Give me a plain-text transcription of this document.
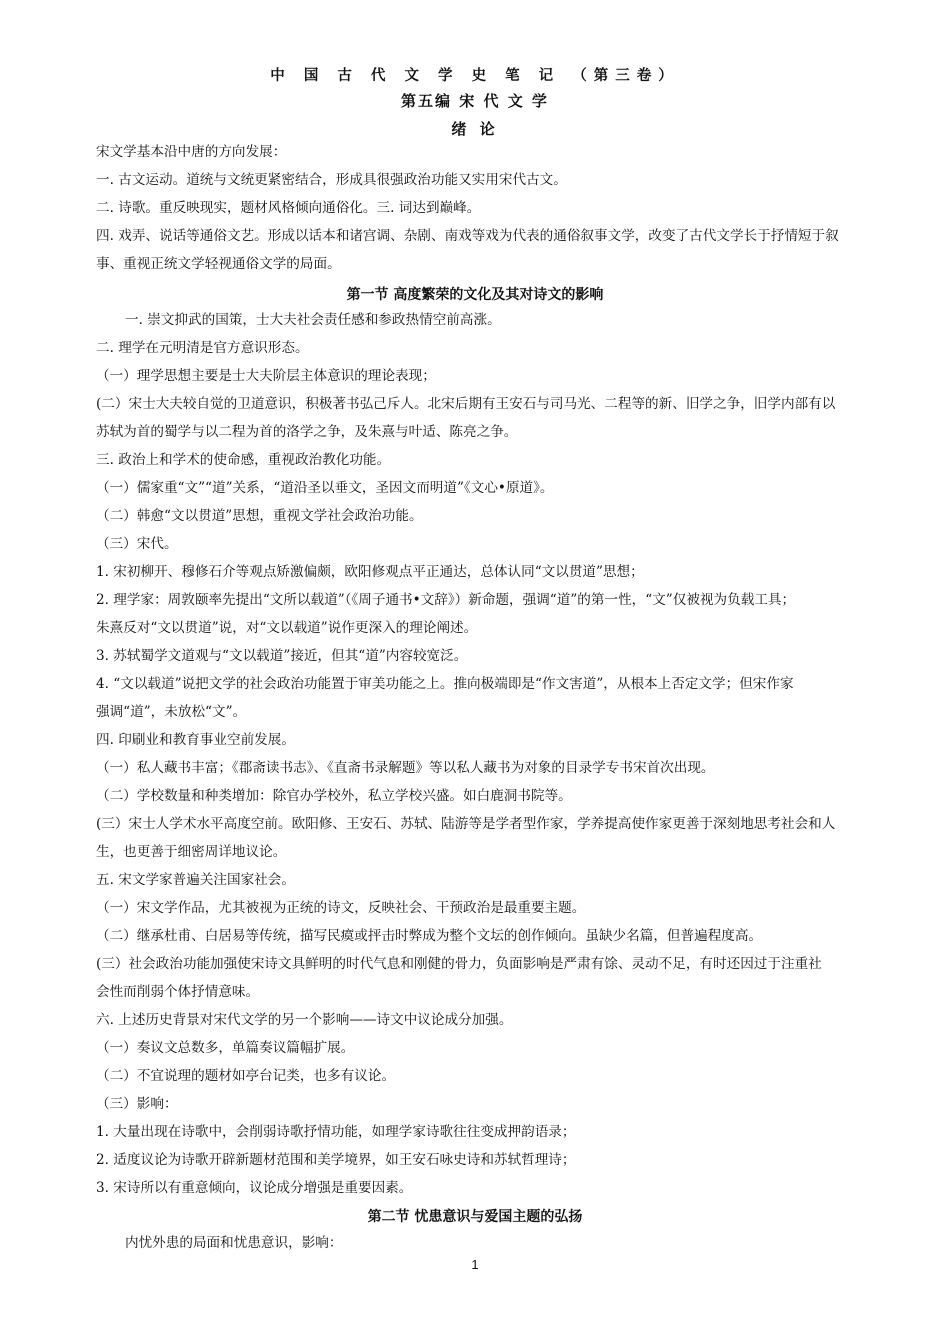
中 国 古 代 文 学 史 笔 记 （第三卷）
第五编 宋 代 文 学
绪 论
宋文学基本沿中唐的方向发展：
一. 古文运动。道统与文统更紧密结合，形成具很强政治功能又实用宋代古文。
二. 诗歌。重反映现实，题材风格倾向通俗化。三. 词达到巅峰。
四. 戏弄、说话等通俗文艺。形成以话本和诸宫调、杂剧、南戏等戏为代表的通俗叙事文学，改变了古代文学长于抒情短于叙
事、重视正统文学轻视通俗文学的局面。
第一节 高度繁荣的文化及其对诗文的影响
一. 崇文抑武的国策，士大夫社会责任感和参政热情空前高涨。
二. 理学在元明清是官方意识形态。
（一）理学思想主要是士大夫阶层主体意识的理论表现；
(二）宋士大夫较自觉的卫道意识，积极著书弘己斥人。北宋后期有王安石与司马光、二程等的新、旧学之争，旧学内部有以
苏轼为首的蜀学与以二程为首的洛学之争，及朱熹与叶适、陈亮之争。
三. 政治上和学术的使命感，重视政治教化功能。
（一）儒家重“文”“道”关系，“道沿圣以垂文，圣因文而明道”《文心•原道》。
（二）韩愈“文以贯道”思想，重视文学社会政治功能。
（三）宋代。
1. 宋初柳开、穆修石介等观点矫激偏颇，欧阳修观点平正通达，总体认同“文以贯道”思想；
2. 理学家：周敦颐率先提出“文所以载道”（《周子通书•文辞》）新命题，强调“道”的第一性，“文”仅被视为负载工具；
朱熹反对“文以贯道”说，对“文以载道”说作更深入的理论阐述。
3. 苏轼蜀学文道观与“文以载道”接近，但其“道”内容较宽泛。
4. “文以载道”说把文学的社会政治功能置于审美功能之上。推向极端即是“作文害道”，从根本上否定文学；但宋作家
强调“道”，未放松“文”。
四. 印刷业和教育事业空前发展。
（一）私人藏书丰富；《郡斋读书志》、《直斋书录解题》等以私人藏书为对象的目录学专书宋首次出现。
（二）学校数量和种类增加：除官办学校外，私立学校兴盛。如白鹿洞书院等。
(三）宋士人学术水平高度空前。欧阳修、王安石、苏轼、陆游等是学者型作家，学养提高使作家更善于深刻地思考社会和人
生，也更善于细密周详地议论。
五. 宋文学家普遍关注国家社会。
（一）宋文学作品，尤其被视为正统的诗文，反映社会、干预政治是最重要主题。
（二）继承杜甫、白居易等传统，描写民瘼或抨击时弊成为整个文坛的创作倾向。虽缺少名篇，但普遍程度高。
(三）社会政治功能加强使宋诗文具鲜明的时代气息和刚健的骨力，负面影响是严肃有馀、灵动不足，有时还因过于注重社
会性而削弱个体抒情意味。
六. 上述历史背景对宋代文学的另一个影响——诗文中议论成分加强。
（一）奏议文总数多，单篇奏议篇幅扩展。
（二）不宜说理的题材如亭台记类，也多有议论。
（三）影响：
1. 大量出现在诗歌中，会削弱诗歌抒情功能，如理学家诗歌往往变成押韵语录；
2. 适度议论为诗歌开辟新题材范围和美学境界，如王安石咏史诗和苏轼哲理诗；
3. 宋诗所以有重意倾向，议论成分增强是重要因素。
第二节 忧患意识与爱国主题的弘扬
内忧外患的局面和忧患意识，影响：
1
